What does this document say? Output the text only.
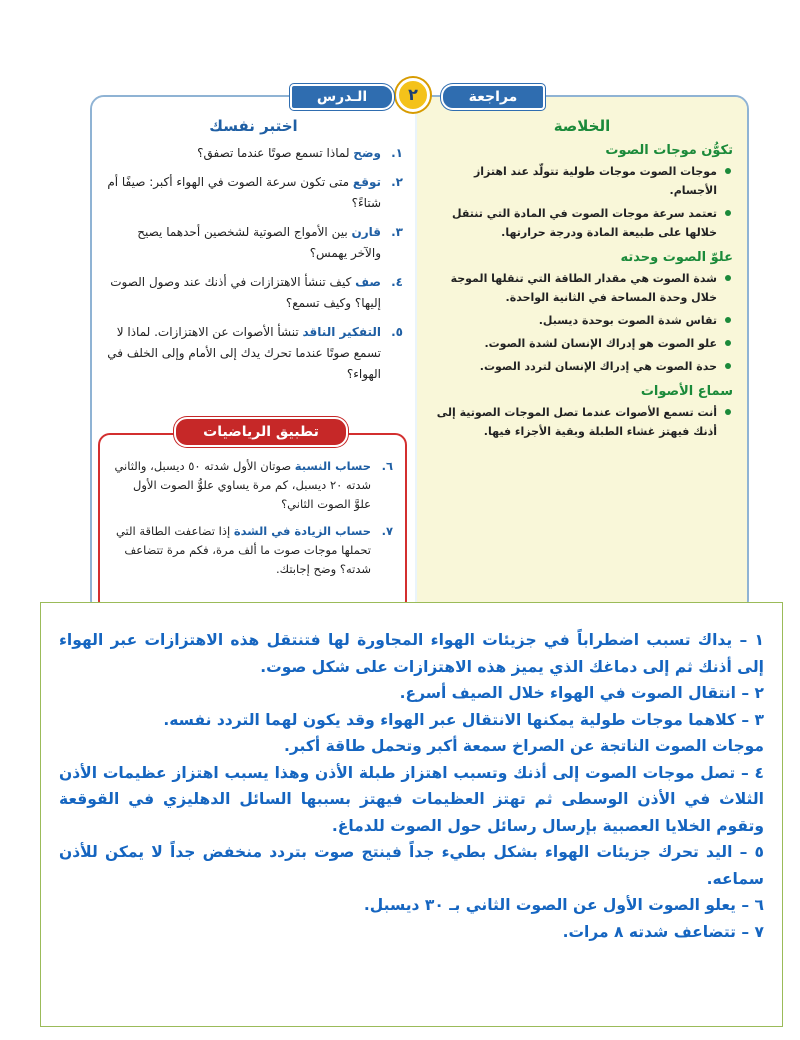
الخلاصة
تكوُّن موجات الصوت
موجات الصوت موجات طولية تتولّد عند اهتزاز الأجسام.
تعتمد سرعة موجات الصوت في المادة التي تنتقل خلالها على طبيعة المادة ودرجة حرارتها.
علوّ الصوت وحدته
شدة الصوت هي مقدار الطاقة التي تنقلها الموجة خلال وحدة المساحة في الثانية الواحدة.
تقاس شدة الصوت بوحدة ديسبل.
علو الصوت هو إدراك الإنسان لشدة الصوت.
حدة الصوت هي إدراك الإنسان لتردد الصوت.
سماع الأصوات
أنت تسمع الأصوات عندما تصل الموجات الصوتية إلى أذنك فيهتز غشاء الطبلة وبقية الأجزاء فيها.
اختبر نفسك
١.
وضح لماذا تسمع صوتًا عندما تصفق؟
٢.
توقع متى تكون سرعة الصوت في الهواء أكبر: صيفًا أم شتاءً؟
٣.
قارن بين الأمواج الصوتية لشخصين أحدهما يصيح والآخر يهمس؟
٤.
صف كيف تنشأ الاهتزازات في أذنك عند وصول الصوت إليها؟ وكيف تسمع؟
٥.
التفكير الناقد تنشأ الأصوات عن الاهتزازات. لماذا لا تسمع صوتًا عندما تحرك يدك إلى الأمام وإلى الخلف في الهواء؟
٦.
حساب النسبة صوتان الأول شدته ٥٠ ديسبل، والثاني شدته ٢٠ ديسبل، كم مرة يساوي علوُّ الصوت الأول علوَّ الصوت الثاني؟
٧.
حساب الزيادة في الشدة إذا تضاعفت الطاقة التي تحملها موجات صوت ما ألف مرة، فكم مرة تتضاعف شدته؟ وضح إجابتك.
تطبيق الرياضيات
مراجعة
٢
الـدرس

١ – يداك تسبب اضطراباً في جزيئات الهواء المجاورة لها فتنتقل هذه الاهتزازات عبر الهواء إلى أذنك ثم إلى دماغك الذي يميز هذه الاهتزازات على شكل صوت.

٢ – انتقال الصوت في الهواء خلال الصيف أسرع.

٣ – كلاهما موجات طولية يمكنها الانتقال عبر الهواء وقد يكون لهما التردد نفسه.

موجات الصوت الناتجة عن الصراخ سمعة أكبر وتحمل طاقة أكبر.

٤ – تصل موجات الصوت إلى أذنك وتسبب اهتزاز طبلة الأذن وهذا يسبب اهتزاز عظيمات الأذن الثلاث في الأذن الوسطى ثم تهتز العظيمات فيهتز بسببها السائل الدهليزي في القوقعة وتقوم الخلايا العصبية بإرسال رسائل حول الصوت للدماغ.

٥ – اليد تحرك جزيئات الهواء بشكل بطيء جداً فينتج صوت بتردد منخفض جداً لا يمكن للأذن سماعه.

٦ – يعلو الصوت الأول عن الصوت الثاني بـ ٣٠ ديسبل.

٧ – تتضاعف شدته ٨ مرات.
